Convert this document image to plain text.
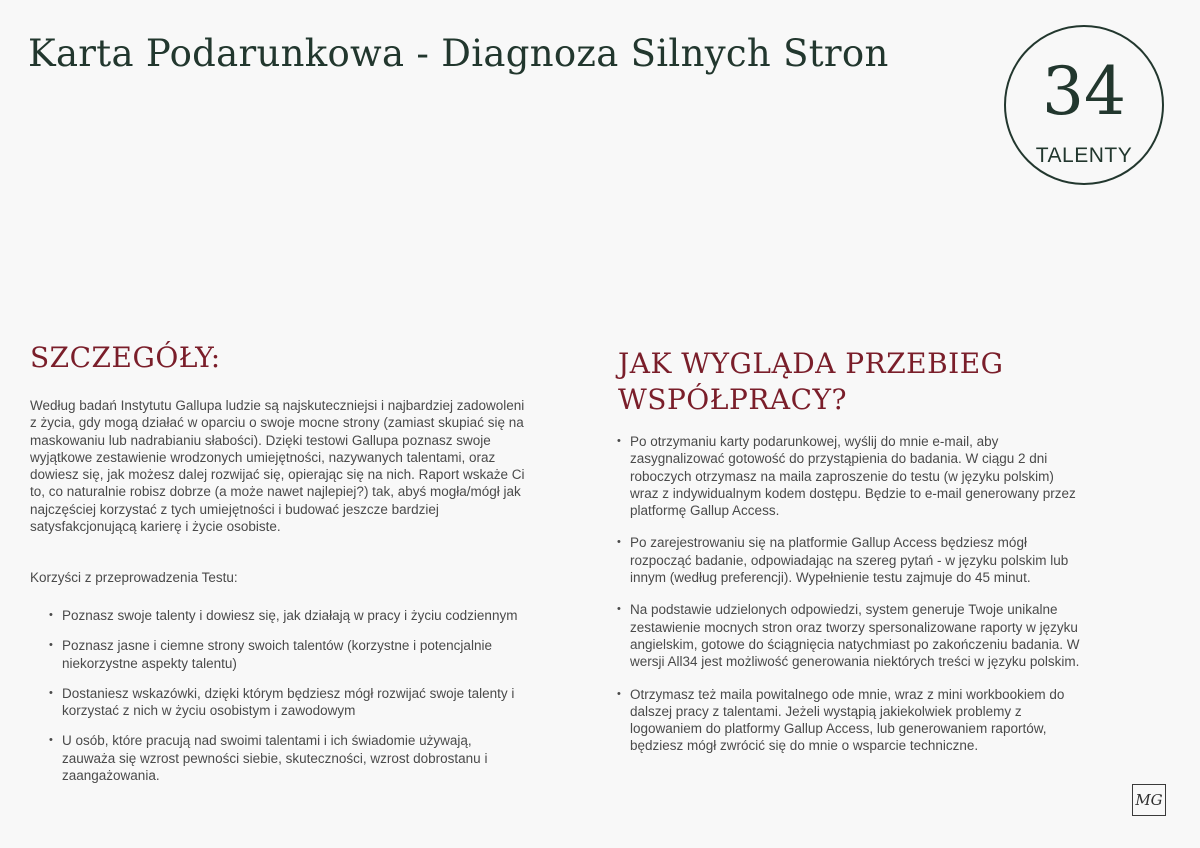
Karta Podarunkowa - Diagnoza Silnych Stron	34
TALENTY
SZCZEGÓŁY:

Według badań Instytutu Gallupa ludzie są najskuteczniejsi i najbardziej zadowoleni z życia, gdy mogą działać w oparciu o swoje mocne strony (zamiast skupiać się na maskowaniu lub nadrabianiu słabości). Dzięki testowi Gallupa poznasz swoje wyjątkowe zestawienie wrodzonych umiejętności, nazywanych talentami, oraz dowiesz się, jak możesz dalej rozwijać się, opierając się na nich. Raport wskaże Ci to, co naturalnie robisz dobrze (a może nawet najlepiej?) tak, abyś mogła/mógł jak najczęściej korzystać z tych umiejętności i budować jeszcze bardziej satysfakcjonującą karierę i życie osobiste.

Korzyści z przeprowadzenia Testu:

• Poznasz swoje talenty i dowiesz się, jak działają w pracy i życiu codziennym
• Poznasz jasne i ciemne strony swoich talentów (korzystne i potencjalnie niekorzystne aspekty talentu)
• Dostaniesz wskazówki, dzięki którym będziesz mógł rozwijać swoje talenty i korzystać z nich w życiu osobistym i zawodowym
• U osób, które pracują nad swoimi talentami i ich świadomie używają, zauważa się wzrost pewności siebie, skuteczności, wzrost dobrostanu i zaangażowania.
JAK WYGLĄDA PRZEBIEG WSPÓŁPRACY?
• Po otrzymaniu karty podarunkowej, wyślij do mnie e-mail, aby zasygnalizować gotowość do przystąpienia do badania. W ciągu 2 dni roboczych otrzymasz na maila zaproszenie do testu (w języku polskim) wraz z indywidualnym kodem dostępu. Będzie to e-mail generowany przez platformę Gallup Access.
• Po zarejestrowaniu się na platformie Gallup Access będziesz mógł rozpocząć badanie, odpowiadając na szereg pytań - w języku polskim lub innym (według preferencji). Wypełnienie testu zajmuje do 45 minut.
• Na podstawie udzielonych odpowiedzi, system generuje Twoje unikalne zestawienie mocnych stron oraz tworzy spersonalizowane raporty w języku angielskim, gotowe do ściągnięcia natychmiast po zakończeniu badania. W wersji All34 jest możliwość generowania niektórych treści w języku polskim.
• Otrzymasz też maila powitalnego ode mnie, wraz z mini workbookiem do dalszej pracy z talentami. Jeżeli wystąpią jakiekolwiek problemy z logowaniem do platformy Gallup Access, lub generowaniem raportów, będziesz mógł zwrócić się do mnie o wsparcie techniczne.
MG
